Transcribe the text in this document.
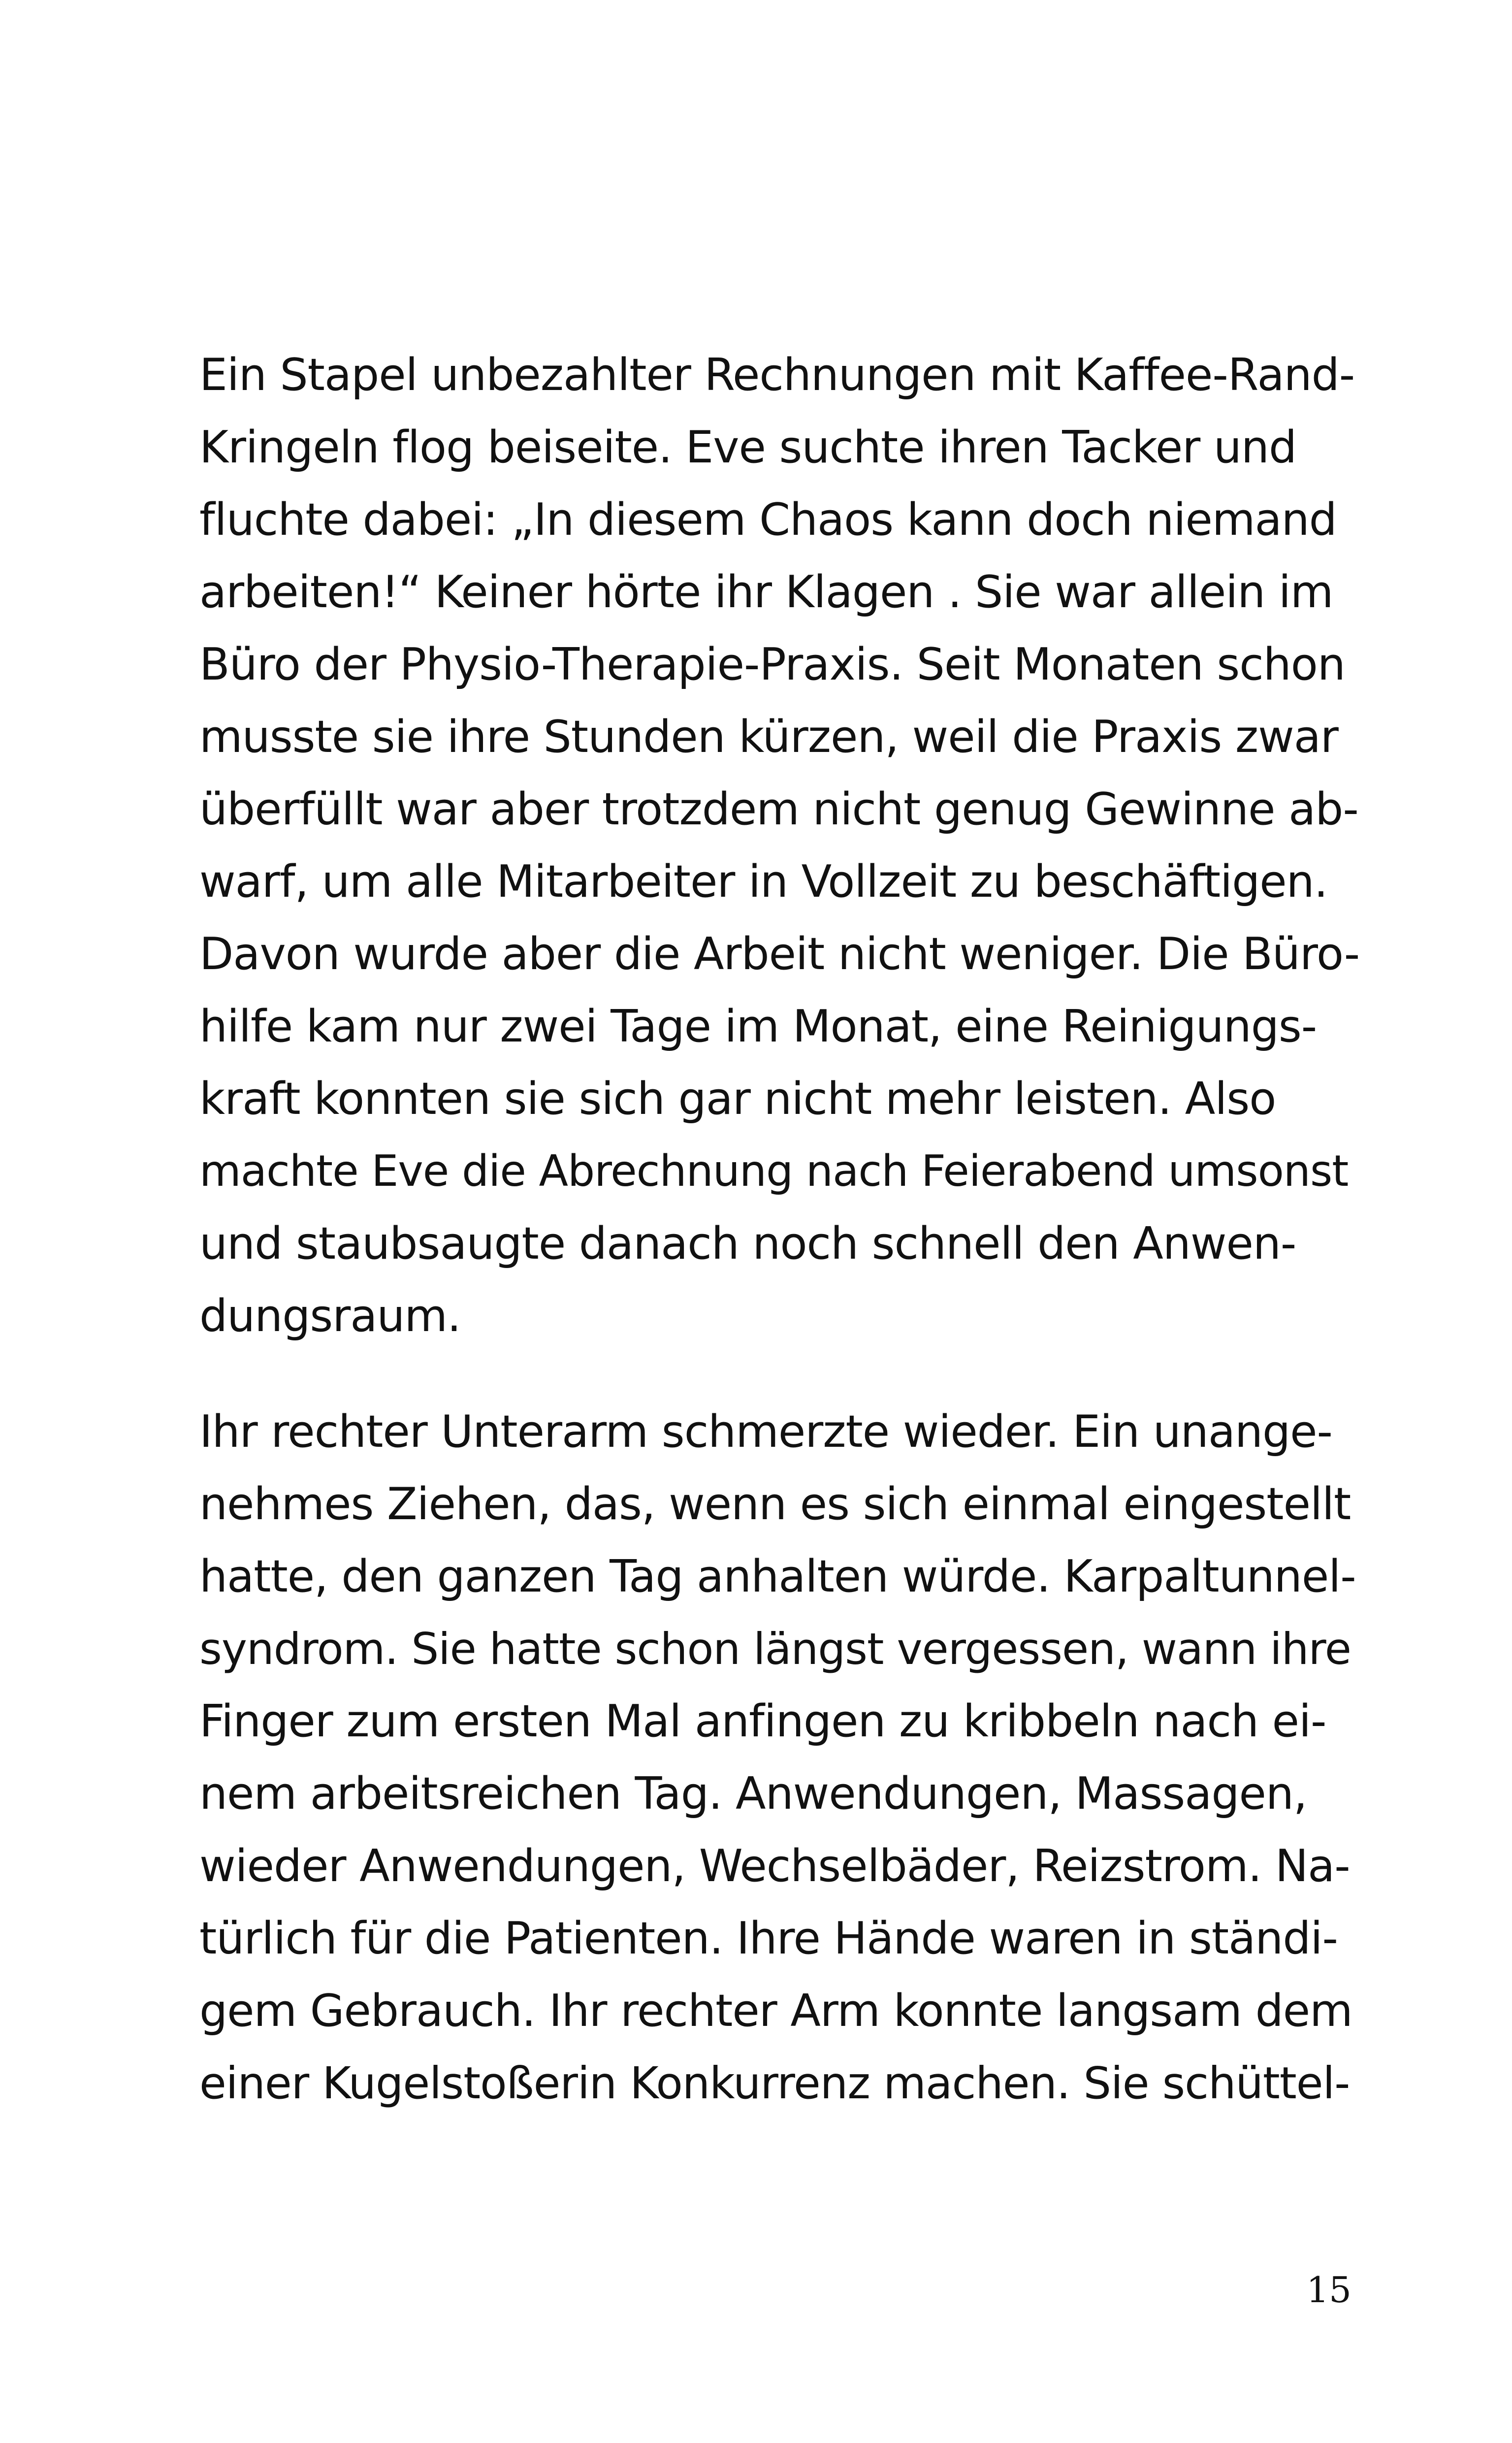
Ein Stapel unbezahlter Rechnungen mit Kaffee-Rand-
Kringeln flog beiseite. Eve suchte ihren Tacker und
fluchte dabei: „In diesem Chaos kann doch niemand
arbeiten!“ Keiner hörte ihr Klagen . Sie war allein im
Büro der Physio-Therapie-Praxis. Seit Monaten schon
musste sie ihre Stunden kürzen, weil die Praxis zwar
überfüllt war aber trotzdem nicht genug Gewinne ab-
warf, um alle Mitarbeiter in Vollzeit zu beschäftigen.
Davon wurde aber die Arbeit nicht weniger. Die Büro-
hilfe kam nur zwei Tage im Monat, eine Reinigungs-
kraft konnten sie sich gar nicht mehr leisten. Also
machte Eve die Abrechnung nach Feierabend umsonst
und staubsaugte danach noch schnell den Anwen-
dungsraum.
Ihr rechter Unterarm schmerzte wieder. Ein unange-
nehmes Ziehen, das, wenn es sich einmal eingestellt
hatte, den ganzen Tag anhalten würde. Karpaltunnel-
syndrom. Sie hatte schon längst vergessen, wann ihre
Finger zum ersten Mal anfingen zu kribbeln nach ei-
nem arbeitsreichen Tag. Anwendungen, Massagen,
wieder Anwendungen, Wechselbäder, Reizstrom. Na-
türlich für die Patienten. Ihre Hände waren in ständi-
gem Gebrauch. Ihr rechter Arm konnte langsam dem
einer Kugelstoßerin Konkurrenz machen. Sie schüttel-
15
